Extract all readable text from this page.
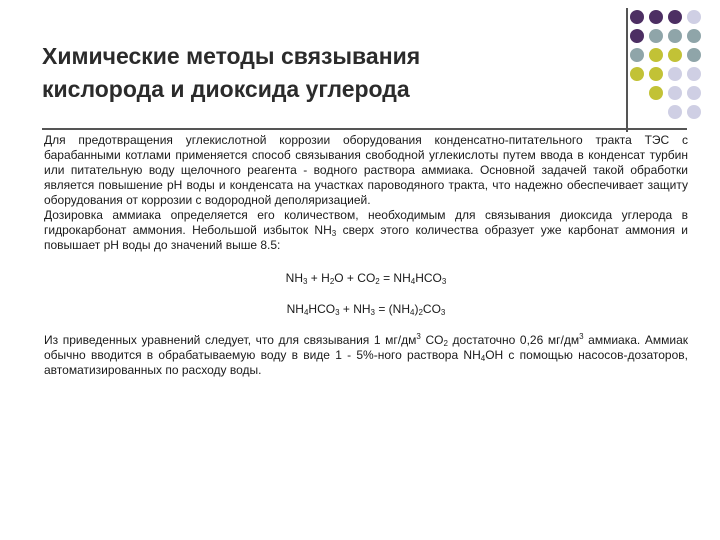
Химические методы связывания
кислорода и диоксида углерода

Для предотвращения углекислотной коррозии оборудования конденсатно-питательного тракта ТЭС с барабанными котлами применяется способ связывания свободной углекислоты путем ввода в конденсат турбин или питательную воду щелочного реагента - водного раствора аммиака. Основной задачей такой обработки является повышение pH воды и конденсата на участках пароводяного тракта, что надежно обеспечивает защиту оборудования от коррозии с водородной деполяризацией.

Дозировка аммиака определяется его количеством, необходимым для связывания диоксида углерода в гидрокарбонат аммония. Небольшой избыток $NH_3$ сверх этого количества образует уже карбонат аммония и повышает pH воды до значений выше 8.5:

$NH_3 + H_2O + CO_2 = NH_4HCO_3$
$NH_4HCO_3 + NH_3 = (NH_4)_2CO_3$

Из приведенных уравнений следует, что для связывания 1 $мг/дм^3$ $CO_2$ достаточно 0,26 $мг/дм^3$ аммиака. Аммиак обычно вводится в обрабатываемую воду в виде 1 - 5%-ного раствора $NH_4OH$ с помощью насосов-дозаторов, автоматизированных по расходу воды.
